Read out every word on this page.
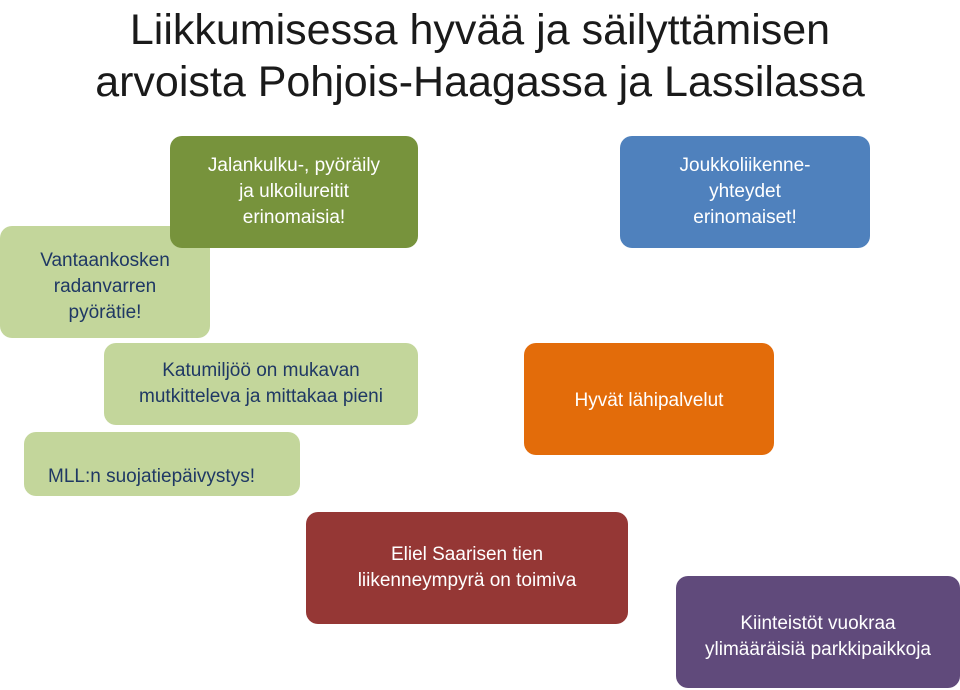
Liikkumisessa hyvää ja säilyttämisen
arvoista Pohjois-Haagassa ja Lassilassa
Vantaankosken
radanvarren
pyörätie!
Jalankulku-, pyöräily
ja ulkoilureitit
erinomaisia!
Joukkoliikenne-
yhteydet
erinomaiset!
Katumiljöö on mukavan
mutkitteleva ja mittakaa pieni	Hyvät lähipalvelut
MLL:n suojatiepäivystys!
Eliel Saarisen tien
liikenneympyrä on toimiva
Kiinteistöt vuokraa
ylimääräisiä parkkipaikkoja
